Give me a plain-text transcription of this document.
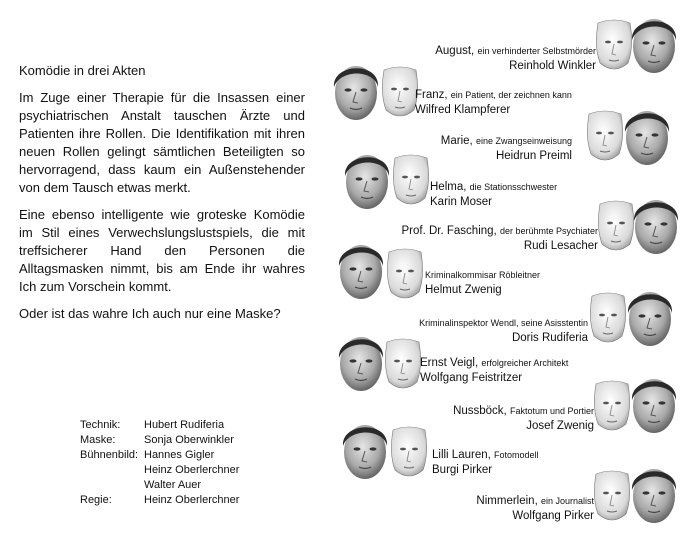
Komödie in drei Akten

Im Zuge einer Therapie für die Insassen einer psychiatrischen Anstalt tauschen Ärzte und Patienten ihre Rollen. Die Identifikation mit ihren neuen Rollen gelingt sämtlichen Beteiligten so hervorragend, dass kaum ein Außenstehender von dem Tausch etwas merkt.

Eine ebenso intelligente wie groteske Komödie im Stil eines Verwechslungslustspiels, die mit treffsicherer Hand den Personen die Alltagsmasken nimmt, bis am Ende ihr wahres Ich zum Vorschein kommt.

Oder ist das wahre Ich auch nur eine Maske?

Technik:	Hubert Rudiferia
Maske:	Sonja Oberwinkler
Bühnenbild: Hannes Gigler
Heinz Oberlerchner
Walter Auer
Regie:	Heinz Oberlerchner
August, ein verhinderter Selbstmörder
Reinhold Winkler
Franz, ein Patient, der zeichnen kann
Wilfred Klampferer
Marie, eine Zwangseinweisung
Heidrun Preiml
Helma, die Stationsschwester
Karin Moser
Prof. Dr. Fasching, der berühmte Psychiater
Rudi Lesacher
Kriminalkommisar Röbleitner
Helmut Zwenig
Kriminalinspektor Wendl, seine Asisstentin
Doris Rudiferia
Ernst Veigl, erfolgreicher Architekt
Wolfgang Feistritzer
Nussböck, Faktotum und Portier
Josef Zwenig
Lilli Lauren, Fotomodell
Burgi Pirker
Nimmerlein, ein Journalist
Wolfgang Pirker
